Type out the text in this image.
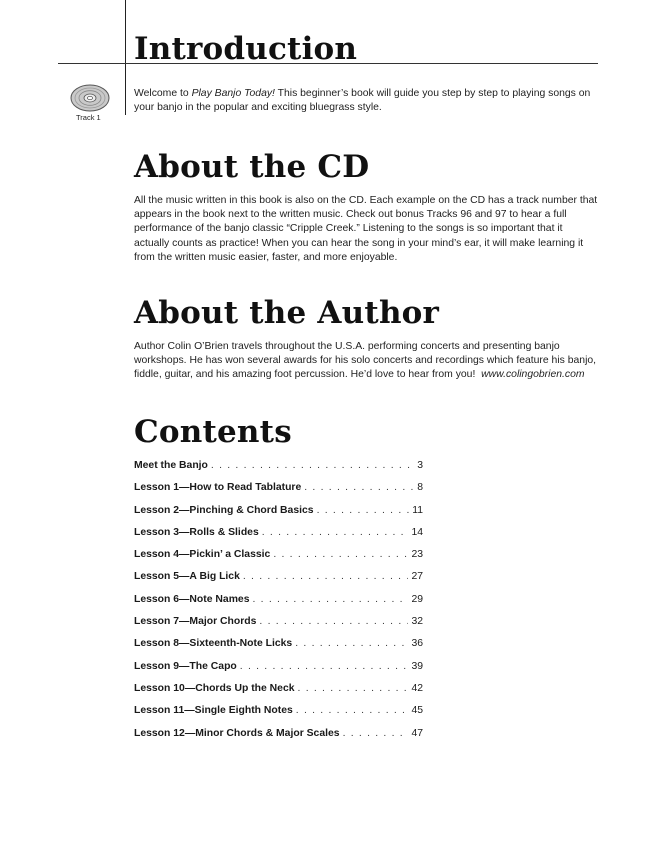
Introduction
Track 1

Welcome to Play Banjo Today! This beginner’s book will guide you step by step to playing songs on your banjo in the popular and exciting bluegrass style.

About the CD

All the music written in this book is also on the CD. Each example on the CD has a track number that appears in the book next to the written music. Check out bonus Tracks 96 and 97 to hear a full performance of the banjo classic “Cripple Creek.” Listening to the songs is so important that it actually counts as practice! When you can hear the song in your mind’s ear, it will make learning it from the written music easier, faster, and more enjoyable.

About the Author

Author Colin O’Brien travels throughout the U.S.A. performing concerts and presenting banjo workshops. He has won several awards for his solo concerts and recordings which feature his banjo, fiddle, guitar, and his amazing foot percussion. He’d love to hear from you! www.colingobrien.com

Contents
Meet the Banjo . . .	3
Lesson 1—How to Read Tablature . . .	8
Lesson 2—Pinching & Chord Basics . . .	11
Lesson 3—Rolls & Slides . . .	14
Lesson 4—Pickin’ a Classic . . .	23
Lesson 5—A Big Lick . . .	27
Lesson 6—Note Names . . .	29
Lesson 7—Major Chords . . .	32
Lesson 8—Sixteenth-Note Licks . . .	36
Lesson 9—The Capo . . .	39
Lesson 10—Chords Up the Neck . . .	42
Lesson 11—Single Eighth Notes . . .	45
Lesson 12—Minor Chords & Major Scales . . .	47
